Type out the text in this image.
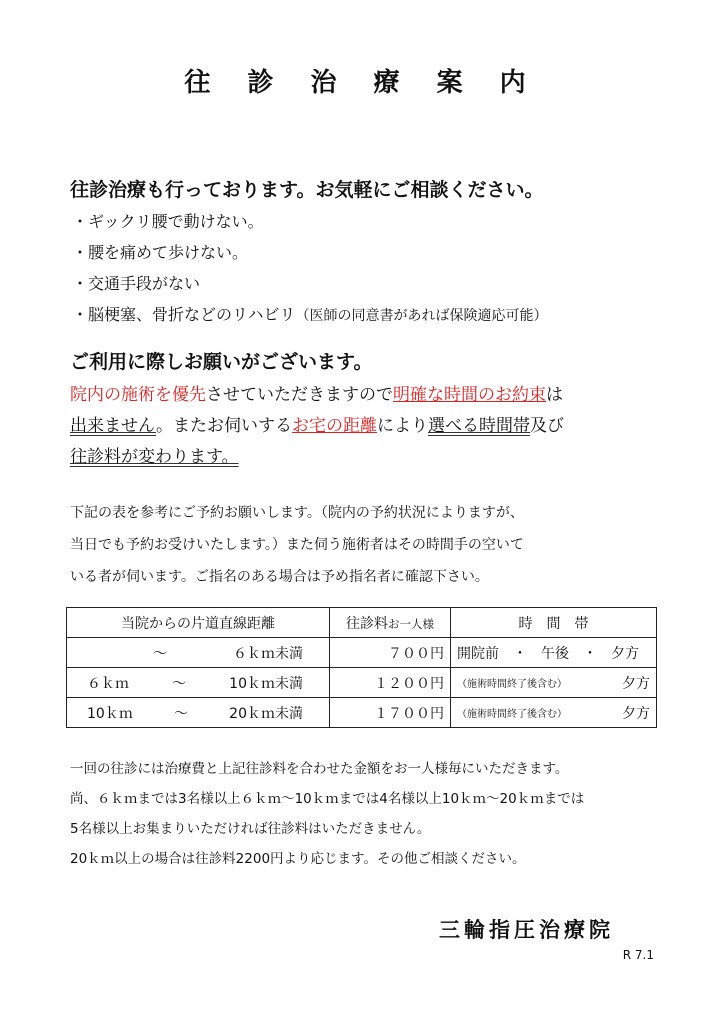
往 診 治 療 案 内
往診治療も行っております。お気軽にご相談ください。
・ギックリ腰で動けない。
・腰を痛めて歩けない。
・交通手段がない
・脳梗塞、骨折などのリハビリ（医師の同意書があれば保険適応可能）
ご利用に際しお願いがございます。
院内の施術を優先させていただきますので明確な時間のお約束は
出来ません。またお伺いするお宅の距離により選べる時間帯及び
往診料が変わります。
下記の表を参考にご予約お願いします。（院内の予約状況によりますが、
当日でも予約お受けいたします。）また伺う施術者はその時間手の空いて
いる者が伺います。ご指名のある場合は予め指名者に確認下さい。
当院からの片道直線距離	往診料お一人様	時　間　帯

～ ６ｋｍ未満	７００円	開院前　・　午後　・　夕方

６ｋｍ ～ 10ｋｍ未満	１２００円	（施術時間終了後含む） 夕方

10ｋｍ ～ 20ｋｍ未満	１７００円	（施術時間終了後含む） 夕方
一回の往診には治療費と上記往診料を合わせた金額をお一人様毎にいただきます。
尚、６ｋｍまでは3名様以上６ｋｍ～10ｋｍまでは4名様以上10ｋｍ～20ｋｍまでは
5名様以上お集まりいただければ往診料はいただきません。
20ｋｍ以上の場合は往診料2200円より応じます。その他ご相談ください。
三輪指圧治療院
R 7.1
